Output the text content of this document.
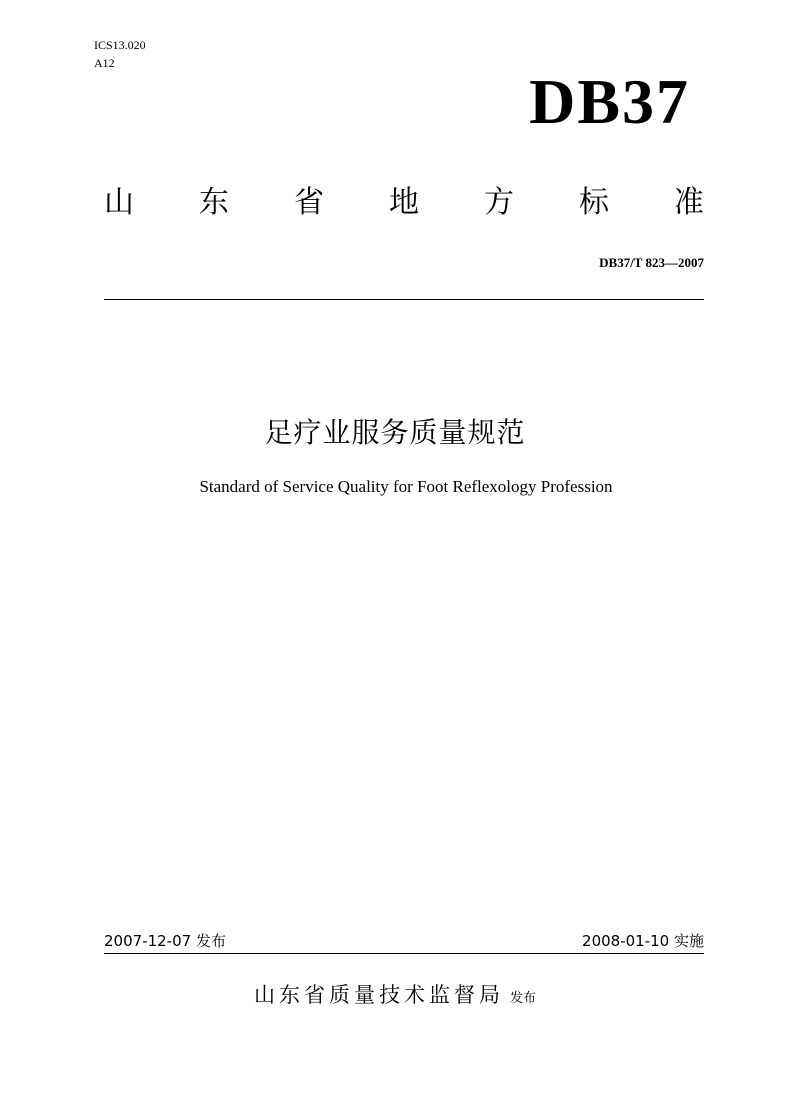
ICS13.020
A12
DB37
山 东 省 地 方 标 准
DB37/T 823—2007
足疗业服务质量规范
Standard of Service Quality for Foot Reflexology Profession
2007-12-07 发布	2008-01-10 实施
山东省质量技术监督局 发布
